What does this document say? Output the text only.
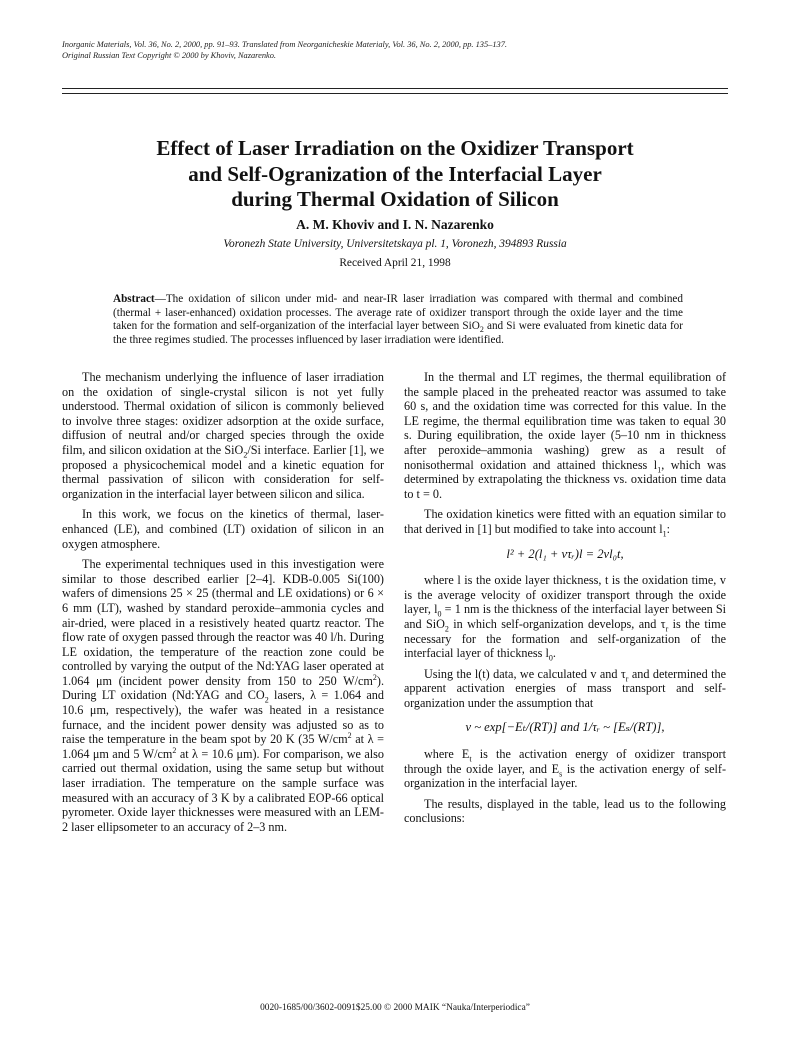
Inorganic Materials, Vol. 36, No. 2, 2000, pp. 91–93. Translated from Neorganicheskie Materialy, Vol. 36, No. 2, 2000, pp. 135–137.
Original Russian Text Copyright © 2000 by Khoviv, Nazarenko.
Effect of Laser Irradiation on the Oxidizer Transport
and Self-Ogranization of the Interfacial Layer
during Thermal Oxidation of Silicon
A. M. Khoviv and I. N. Nazarenko
Voronezh State University, Universitetskaya pl. 1, Voronezh, 394893 Russia
Received April 21, 1998
Abstract—The oxidation of silicon under mid- and near-IR laser irradiation was compared with thermal and combined (thermal + laser-enhanced) oxidation processes. The average rate of oxidizer transport through the oxide layer and the time taken for the formation and self-organization of the interfacial layer between SiO$_2$ and Si were evaluated from kinetic data for the three regimes studied. The processes influenced by laser irradiation were identified.

The mechanism underlying the influence of laser irradiation on the oxidation of single-crystal silicon is not yet fully understood. Thermal oxidation of silicon is commonly believed to involve three stages: oxidizer adsorption at the oxide surface, diffusion of neutral and/or charged species through the oxide film, and silicon oxidation at the SiO$_2$/Si interface. Earlier [1], we proposed a physicochemical model and a kinetic equation for thermal passivation of silicon with consideration for self-organization in the interfacial layer between silicon and silica.

In this work, we focus on the kinetics of thermal, laser-enhanced (LE), and combined (LT) oxidation of silicon in an oxygen atmosphere.

The experimental techniques used in this investigation were similar to those described earlier [2–4]. KDB-0.005 Si(100) wafers of dimensions 25 × 25 (thermal and LE oxidations) or 6 × 6 mm (LT), washed by standard peroxide–ammonia cycles and air-dried, were placed in a resistively heated quartz reactor. The flow rate of oxygen passed through the reactor was 40 l/h. During LE oxidation, the temperature of the reaction zone could be controlled by varying the output of the Nd:YAG laser operated at 1.064 μm (incident power density from 150 to 250 $W/cm^2$). During LT oxidation (Nd:YAG and $CO_2$ lasers, λ = 1.064 and 10.6 μm, respectively), the wafer was heated in a resistance furnace, and the incident power density was adjusted so as to raise the temperature in the beam spot by 20 K (35 $W/cm^2$ at λ = 1.064 μm and 5 $W/cm^2$ at λ = 10.6 μm). For comparison, we also carried out thermal oxidation, using the same setup but without laser irradiation. The temperature on the sample surface was measured with an accuracy of 3 K by a calibrated EOP-66 optical pyrometer. Oxide layer thicknesses were measured with an LEM-2 laser ellipsometer to an accuracy of 2–3 nm.

In the thermal and LT regimes, the thermal equilibration of the sample placed in the preheated reactor was assumed to take 60 s, and the oxidation time was corrected for this value. In the LE regime, the thermal equilibration time was taken to equal 30 s. During equilibration, the oxide layer (5–10 nm in thickness after peroxide–ammonia washing) grew as a result of nonisothermal oxidation and attained thickness $l_1$, which was determined by extrapolating the thickness vs. oxidation time data to t = 0.

The oxidation kinetics were fitted with an equation similar to that derived in [1] but modified to take into account $l_1$:

l² + 2(l₁ + vτᵣ)l = 2vl₀t,

where l is the oxide layer thickness, t is the oxidation time, v is the average velocity of oxidizer transport through the oxide layer, $l_0 = 1$ nm is the thickness of the interfacial layer between Si and SiO$_2$ in which self-organization develops, and $\tau_r$ is the time necessary for the formation and self-organization of the interfacial layer of thickness $l_0$.

Using the l(t) data, we calculated v and $\tau_r$ and determined the apparent activation energies of mass transport and self-organization under the assumption that

v ~ exp[−Eₜ/(RT)] and 1/τᵣ ~ [Eₛ/(RT)],

where $E_t$ is the activation energy of oxidizer transport through the oxide layer, and $E_s$ is the activation energy of self-organization in the interfacial layer.

The results, displayed in the table, lead us to the following conclusions:

0020-1685/00/3602-0091$25.00 © 2000 MAIK “Nauka/Interperiodica”
